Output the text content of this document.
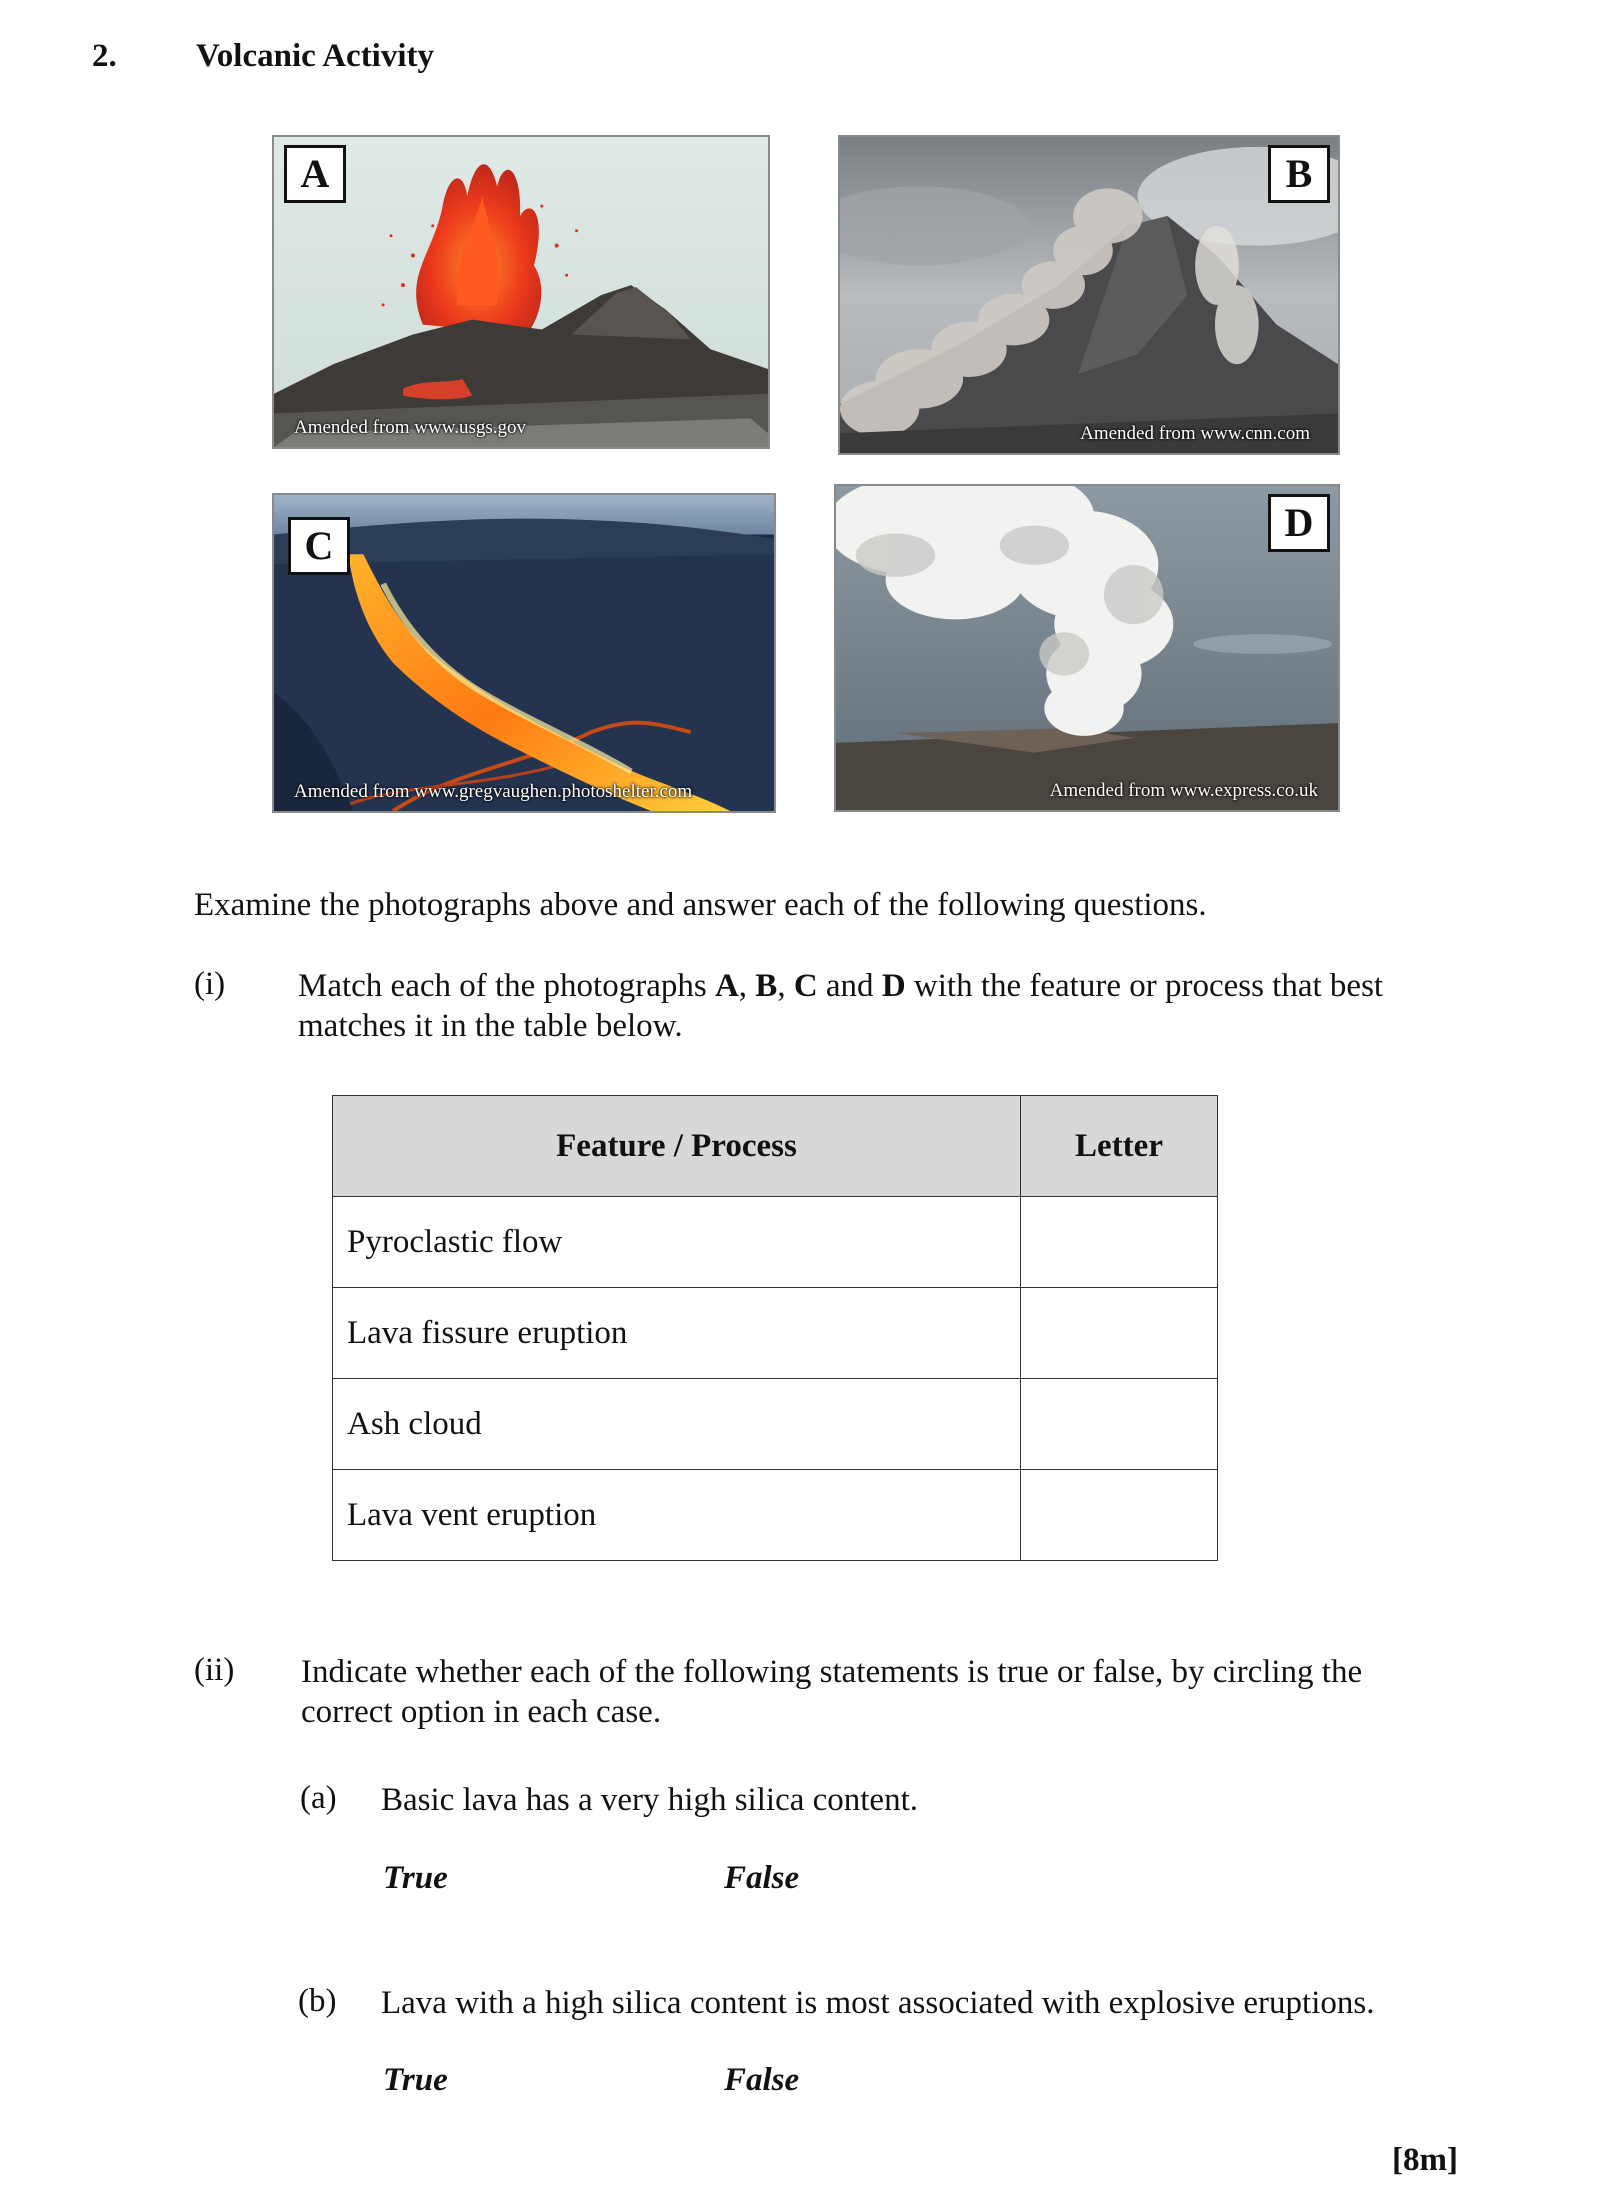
2. Volcanic Activity
A
Amended from www.usgs.gov
B
Amended from www.cnn.com
C
Amended from www.gregvaughen.photoshelter.com
D
Amended from www.express.co.uk
Examine the photographs above and answer each of the following questions.
(i) Match each of the photographs A, B, C and D with the feature or process that best matches it in the table below.
Feature / Process	Letter
Pyroclastic flow	
Lava fissure eruption	
Ash cloud	
Lava vent eruption	
(ii) Indicate whether each of the following statements is true or false, by circling the correct option in each case.
(a) Basic lava has a very high silica content.
True	False
(b) Lava with a high silica content is most associated with explosive eruptions.
True	False
[8m]
